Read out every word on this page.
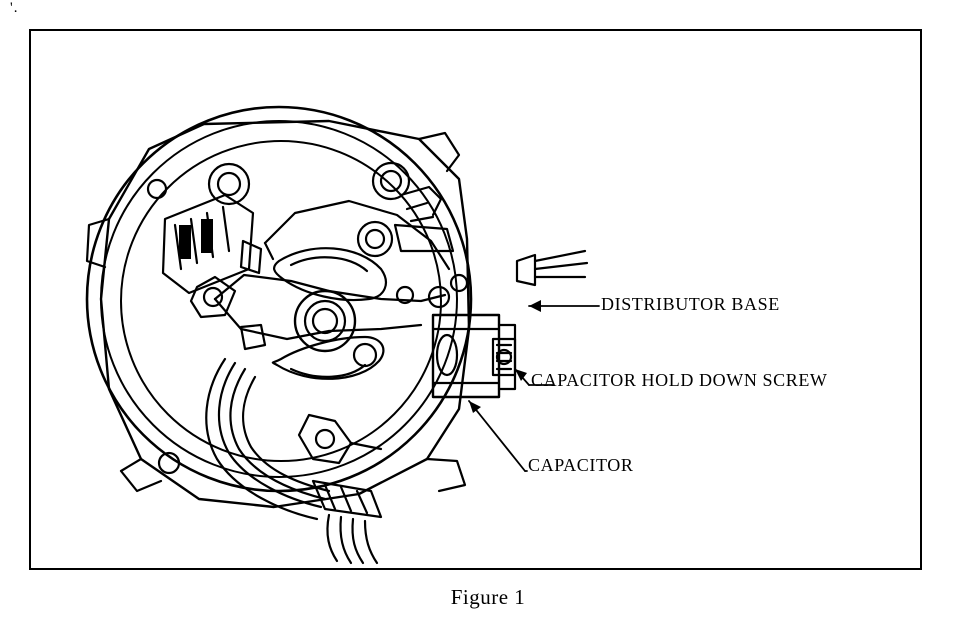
'.
DISTRIBUTOR BASE
CAPACITOR HOLD DOWN SCREW
CAPACITOR
Figure 1
